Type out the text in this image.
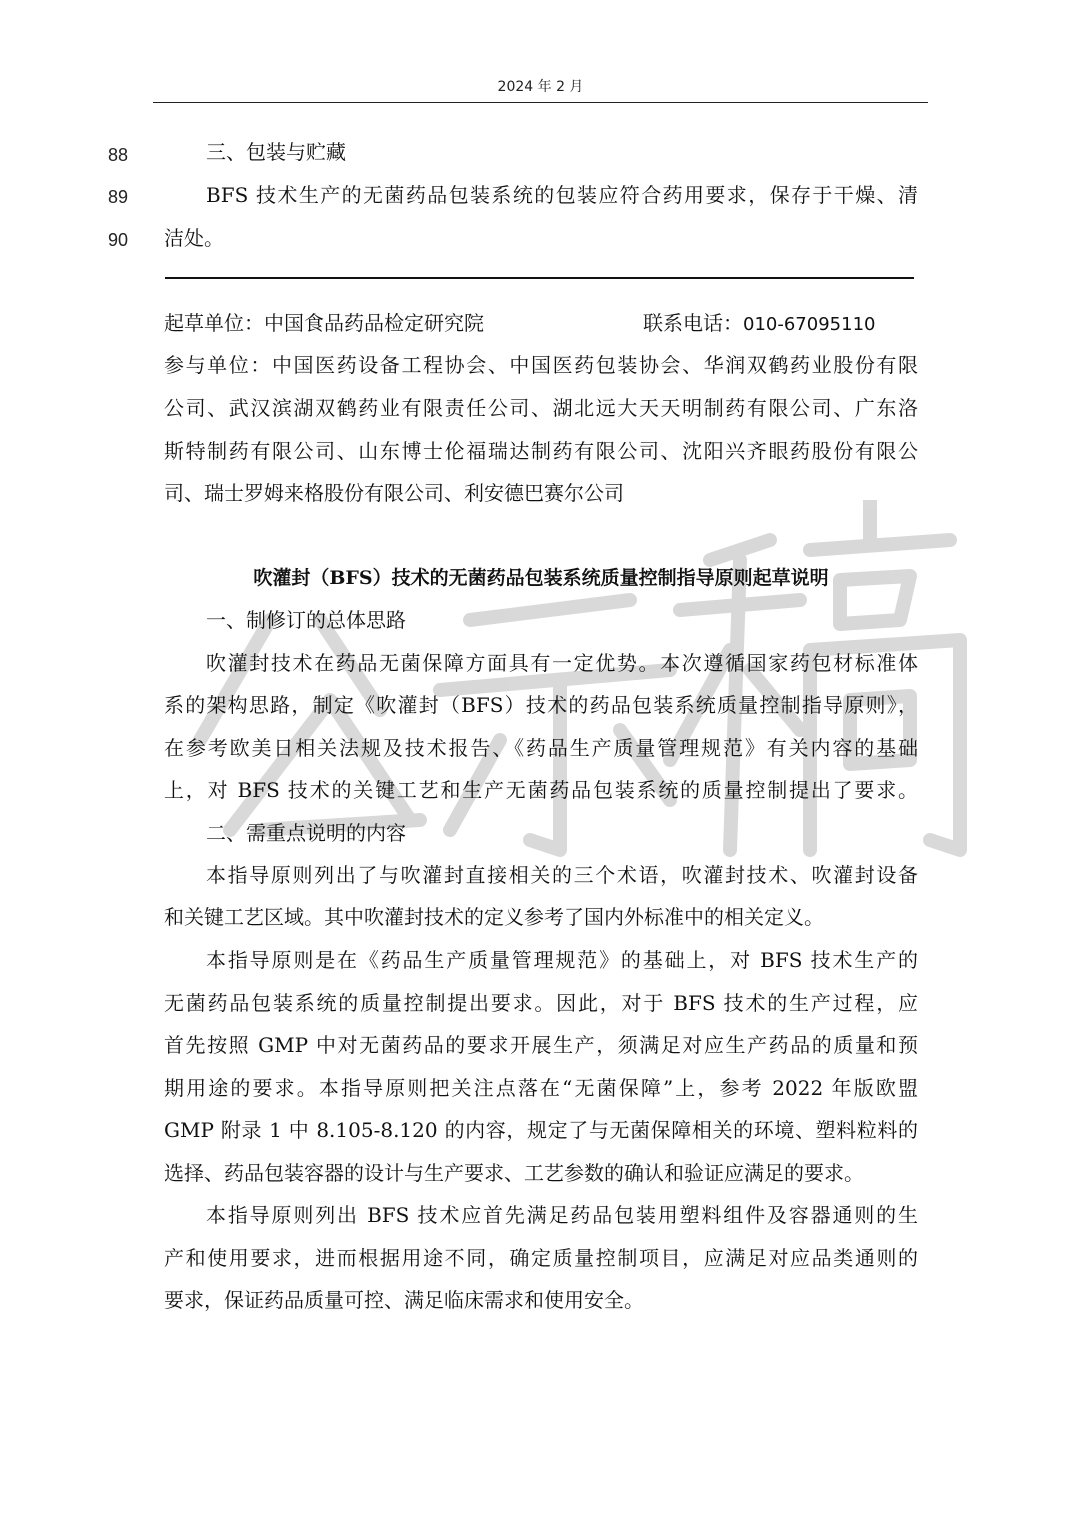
2024 年 2 月
88
89
90
三、包装与贮藏
BFS 技术生产的无菌药品包装系统的包装应符合药用要求，保存于干燥、清
洁处。
起草单位：中国食品药品检定研究院	联系电话：010-67095110
参与单位：中国医药设备工程协会、中国医药包装协会、华润双鹤药业股份有限
公司、武汉滨湖双鹤药业有限责任公司、湖北远大天天明制药有限公司、广东洛
斯特制药有限公司、山东博士伦福瑞达制药有限公司、沈阳兴齐眼药股份有限公
司、瑞士罗姆来格股份有限公司、利安德巴赛尔公司
吹灌封（BFS）技术的无菌药品包装系统质量控制指导原则起草说明
一、制修订的总体思路
吹灌封技术在药品无菌保障方面具有一定优势。本次遵循国家药包材标准体
系的架构思路，制定《吹灌封（BFS）技术的药品包装系统质量控制指导原则》，
在参考欧美日相关法规及技术报告、《药品生产质量管理规范》有关内容的基础
上，对 BFS 技术的关键工艺和生产无菌药品包装系统的质量控制提出了要求。
二、需重点说明的内容
本指导原则列出了与吹灌封直接相关的三个术语，吹灌封技术、吹灌封设备
和关键工艺区域。其中吹灌封技术的定义参考了国内外标准中的相关定义。
本指导原则是在《药品生产质量管理规范》的基础上，对 BFS 技术生产的
无菌药品包装系统的质量控制提出要求。因此，对于 BFS 技术的生产过程，应
首先按照 GMP 中对无菌药品的要求开展生产，须满足对应生产药品的质量和预
期用途的要求。本指导原则把关注点落在“无菌保障”上，参考 2022 年版欧盟
GMP 附录 1 中 8.105-8.120 的内容，规定了与无菌保障相关的环境、塑料粒料的
选择、药品包装容器的设计与生产要求、工艺参数的确认和验证应满足的要求。
本指导原则列出 BFS 技术应首先满足药品包装用塑料组件及容器通则的生
产和使用要求，进而根据用途不同，确定质量控制项目，应满足对应品类通则的
要求，保证药品质量可控、满足临床需求和使用安全。
